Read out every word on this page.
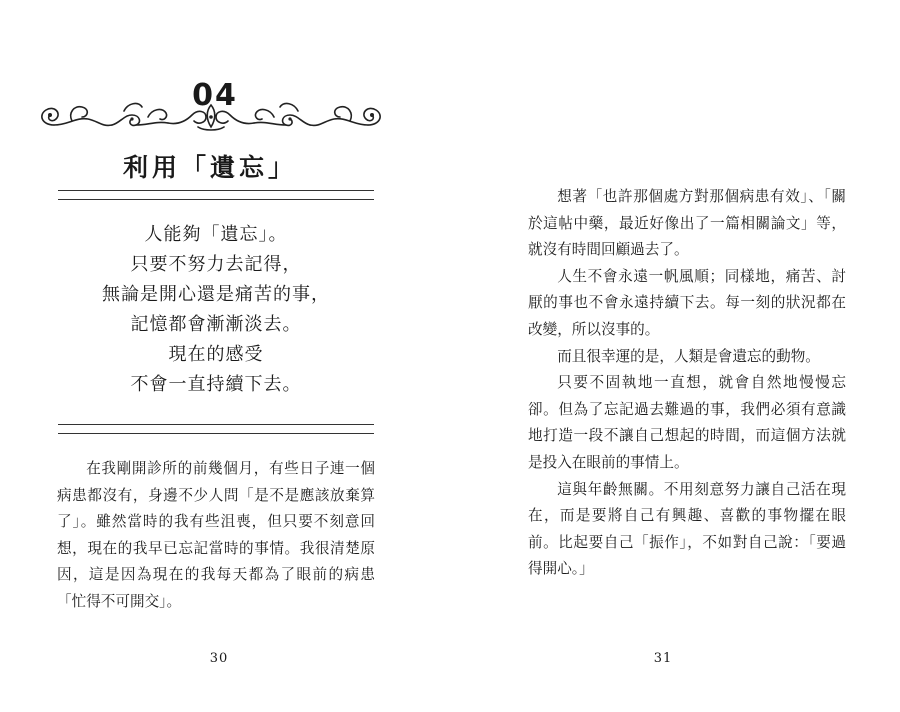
04
利用「遺忘」
人能夠「遺忘」。
只要不努力去記得，
無論是開心還是痛苦的事，
記憶都會漸漸淡去。
現在的感受
不會一直持續下去。

在我剛開診所的前幾個月，有些日子連一個病患都沒有，身邊不少人問「是不是應該放棄算了」。雖然當時的我有些沮喪，但只要不刻意回想，現在的我早已忘記當時的事情。我很清楚原因，這是因為現在的我每天都為了眼前的病患「忙得不可開交」。

30

想著「也許那個處方對那個病患有效」、「關於這帖中藥，最近好像出了一篇相關論文」等，就沒有時間回顧過去了。

人生不會永遠一帆風順；同樣地，痛苦、討厭的事也不會永遠持續下去。每一刻的狀況都在改變，所以沒事的。

而且很幸運的是，人類是會遺忘的動物。

只要不固執地一直想，就會自然地慢慢忘卻。但為了忘記過去難過的事，我們必須有意識地打造一段不讓自己想起的時間，而這個方法就是投入在眼前的事情上。

這與年齡無關。不用刻意努力讓自己活在現在，而是要將自己有興趣、喜歡的事物擺在眼前。比起要自己「振作」，不如對自己說：「要過得開心。」

31
